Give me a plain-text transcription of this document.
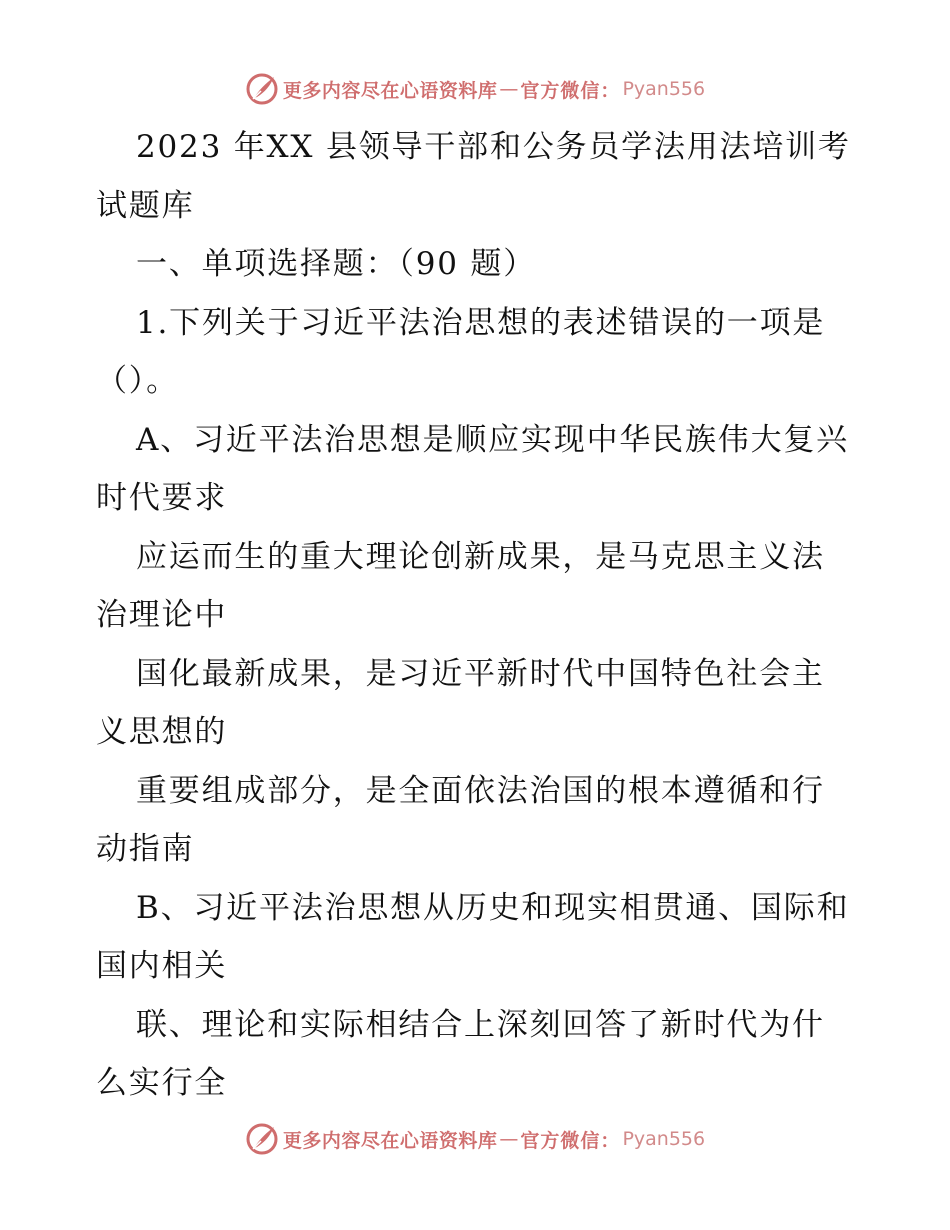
更多内容尽在心语资料库 — 官方微信： Pyan556

2023 年XX 县领导干部和公务员学法用法培训考试题库

一、单项选择题：（90 题）

1.下列关于习近平法治思想的表述错误的一项是（）。

A、习近平法治思想是顺应实现中华民族伟大复兴时代要求

应运而生的重大理论创新成果，是马克思主义法治理论中

国化最新成果，是习近平新时代中国特色社会主义思想的

重要组成部分，是全面依法治国的根本遵循和行动指南

B、习近平法治思想从历史和现实相贯通、国际和国内相关

联、理论和实际相结合上深刻回答了新时代为什么实行全

更多内容尽在心语资料库 — 官方微信： Pyan556
